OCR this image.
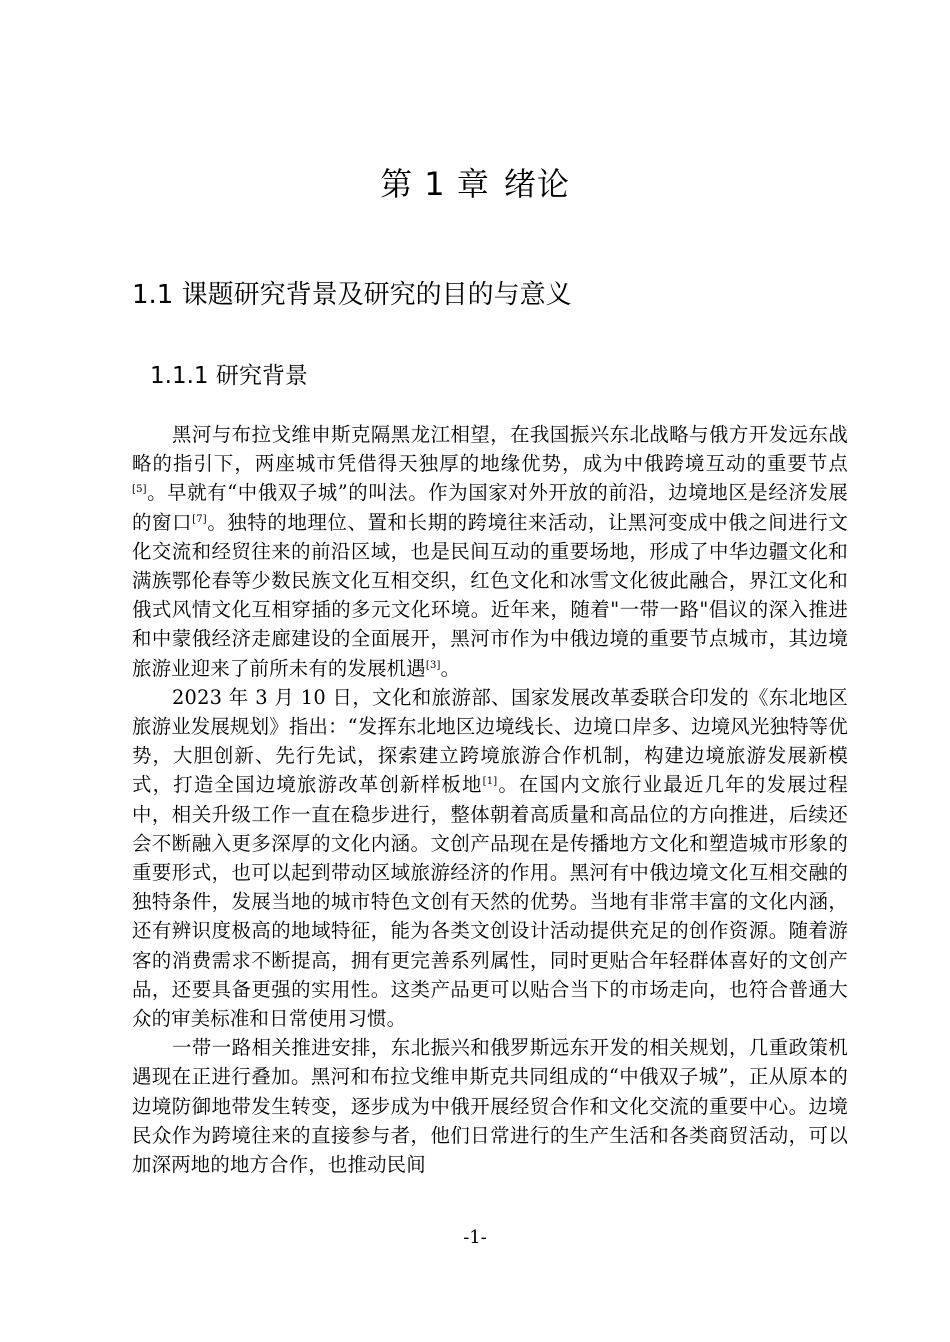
第 1 章 绪论
1.1 课题研究背景及研究的目的与意义
1.1.1 研究背景

黑河与布拉戈维申斯克隔黑龙江相望，在我国振兴东北战略与俄方开发远东战略的指引下，两座城市凭借得天独厚的地缘优势，成为中俄跨境互动的重要节点[5]。早就有“中俄双子城”的叫法。作为国家对外开放的前沿，边境地区是经济发展的窗口[7]。独特的地理位、置和长期的跨境往来活动，让黑河变成中俄之间进行文化交流和经贸往来的前沿区域，也是民间互动的重要场地，形成了中华边疆文化和满族鄂伦春等少数民族文化互相交织，红色文化和冰雪文化彼此融合，界江文化和俄式风情文化互相穿插的多元文化环境。近年来，随着"一带一路"倡议的深入推进和中蒙俄经济走廊建设的全面展开，黑河市作为中俄边境的重要节点城市，其边境旅游业迎来了前所未有的发展机遇[3]。

2023 年 3 月 10 日，文化和旅游部、国家发展改革委联合印发的《东北地区旅游业发展规划》指出：“发挥东北地区边境线长、边境口岸多、边境风光独特等优势，大胆创新、先行先试，探索建立跨境旅游合作机制，构建边境旅游发展新模式，打造全国边境旅游改革创新样板地[1]。在国内文旅行业最近几年的发展过程中，相关升级工作一直在稳步进行，整体朝着高质量和高品位的方向推进，后续还会不断融入更多深厚的文化内涵。文创产品现在是传播地方文化和塑造城市形象的重要形式，也可以起到带动区域旅游经济的作用。黑河有中俄边境文化互相交融的独特条件，发展当地的城市特色文创有天然的优势。当地有非常丰富的文化内涵，还有辨识度极高的地域特征，能为各类文创设计活动提供充足的创作资源。随着游客的消费需求不断提高，拥有更完善系列属性，同时更贴合年轻群体喜好的文创产品，还要具备更强的实用性。这类产品更可以贴合当下的市场走向，也符合普通大众的审美标准和日常使用习惯。

一带一路相关推进安排，东北振兴和俄罗斯远东开发的相关规划，几重政策机遇现在正进行叠加。黑河和布拉戈维申斯克共同组成的“中俄双子城”，正从原本的边境防御地带发生转变，逐步成为中俄开展经贸合作和文化交流的重要中心。边境民众作为跨境往来的直接参与者，他们日常进行的生产生活和各类商贸活动，可以加深两地的地方合作，也推动民间

-1-
